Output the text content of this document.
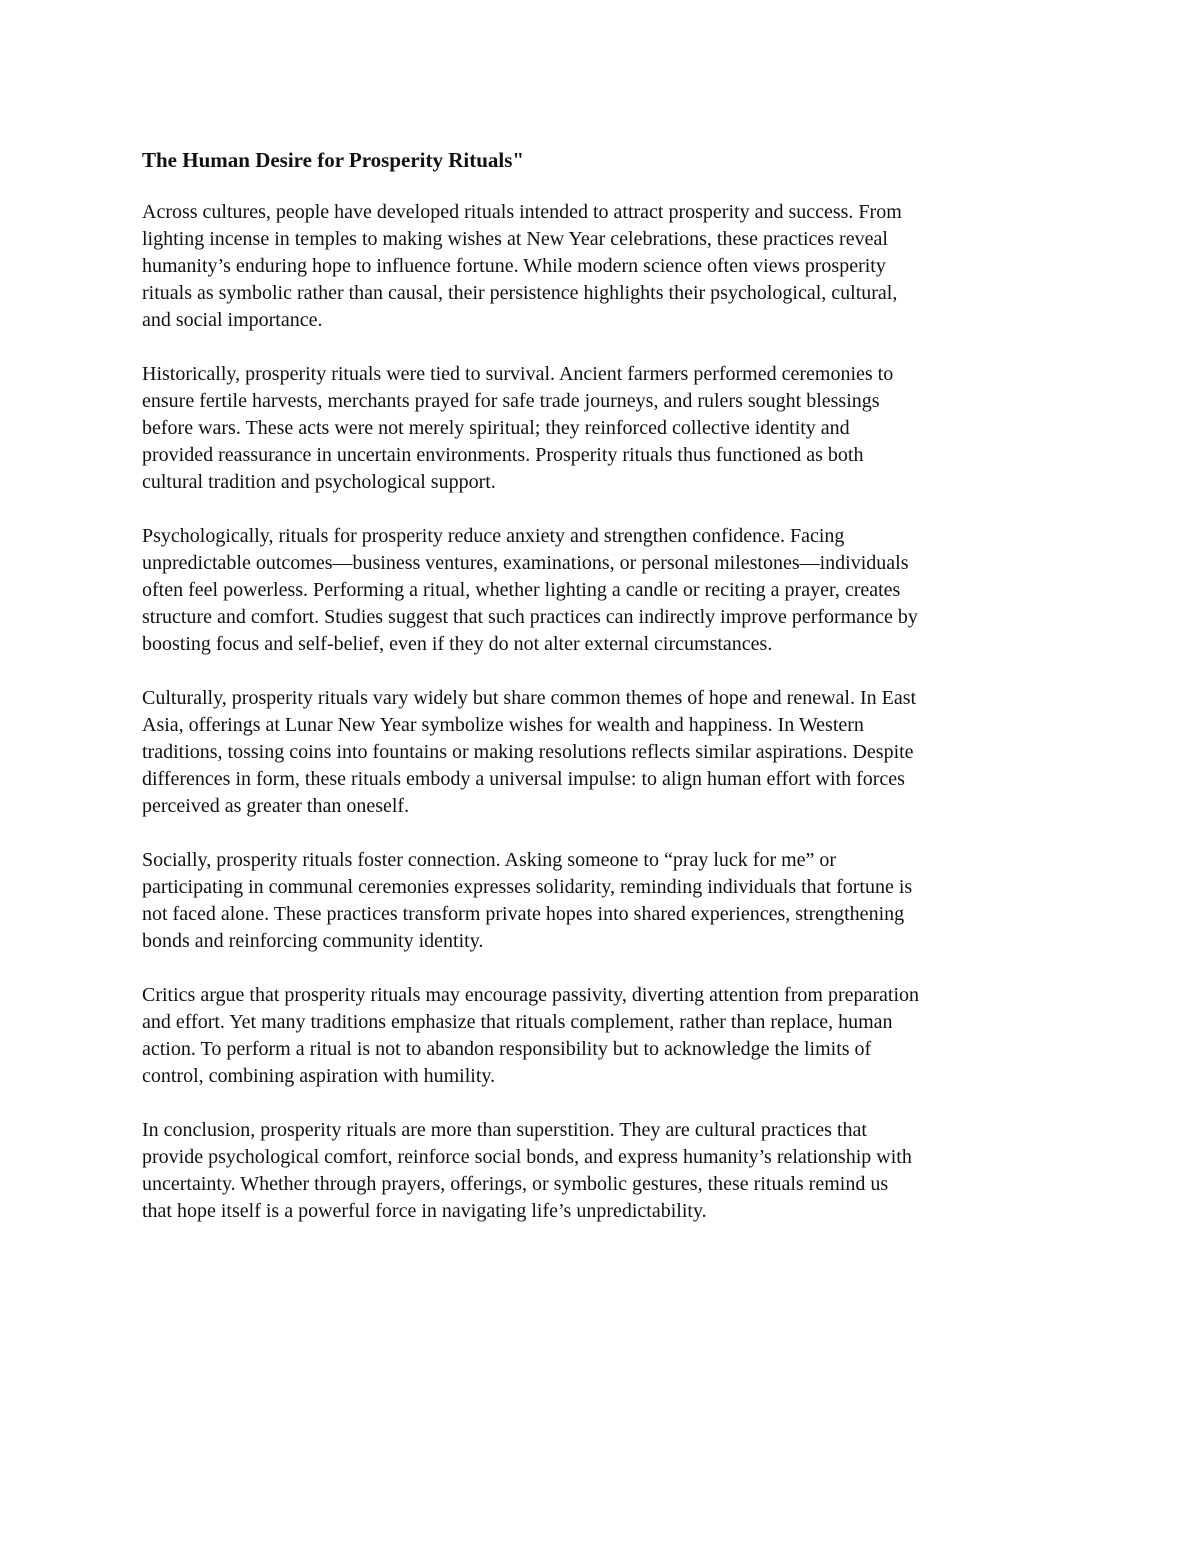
The Human Desire for Prosperity Rituals"

Across cultures, people have developed rituals intended to attract prosperity and success. From
lighting incense in temples to making wishes at New Year celebrations, these practices reveal
humanity’s enduring hope to influence fortune. While modern science often views prosperity
rituals as symbolic rather than causal, their persistence highlights their psychological, cultural,
and social importance.

Historically, prosperity rituals were tied to survival. Ancient farmers performed ceremonies to
ensure fertile harvests, merchants prayed for safe trade journeys, and rulers sought blessings
before wars. These acts were not merely spiritual; they reinforced collective identity and
provided reassurance in uncertain environments. Prosperity rituals thus functioned as both
cultural tradition and psychological support.

Psychologically, rituals for prosperity reduce anxiety and strengthen confidence. Facing
unpredictable outcomes—business ventures, examinations, or personal milestones—individuals
often feel powerless. Performing a ritual, whether lighting a candle or reciting a prayer, creates
structure and comfort. Studies suggest that such practices can indirectly improve performance by
boosting focus and self-belief, even if they do not alter external circumstances.

Culturally, prosperity rituals vary widely but share common themes of hope and renewal. In East
Asia, offerings at Lunar New Year symbolize wishes for wealth and happiness. In Western
traditions, tossing coins into fountains or making resolutions reflects similar aspirations. Despite
differences in form, these rituals embody a universal impulse: to align human effort with forces
perceived as greater than oneself.

Socially, prosperity rituals foster connection. Asking someone to “pray luck for me” or
participating in communal ceremonies expresses solidarity, reminding individuals that fortune is
not faced alone. These practices transform private hopes into shared experiences, strengthening
bonds and reinforcing community identity.

Critics argue that prosperity rituals may encourage passivity, diverting attention from preparation
and effort. Yet many traditions emphasize that rituals complement, rather than replace, human
action. To perform a ritual is not to abandon responsibility but to acknowledge the limits of
control, combining aspiration with humility.

In conclusion, prosperity rituals are more than superstition. They are cultural practices that
provide psychological comfort, reinforce social bonds, and express humanity’s relationship with
uncertainty. Whether through prayers, offerings, or symbolic gestures, these rituals remind us
that hope itself is a powerful force in navigating life’s unpredictability.
